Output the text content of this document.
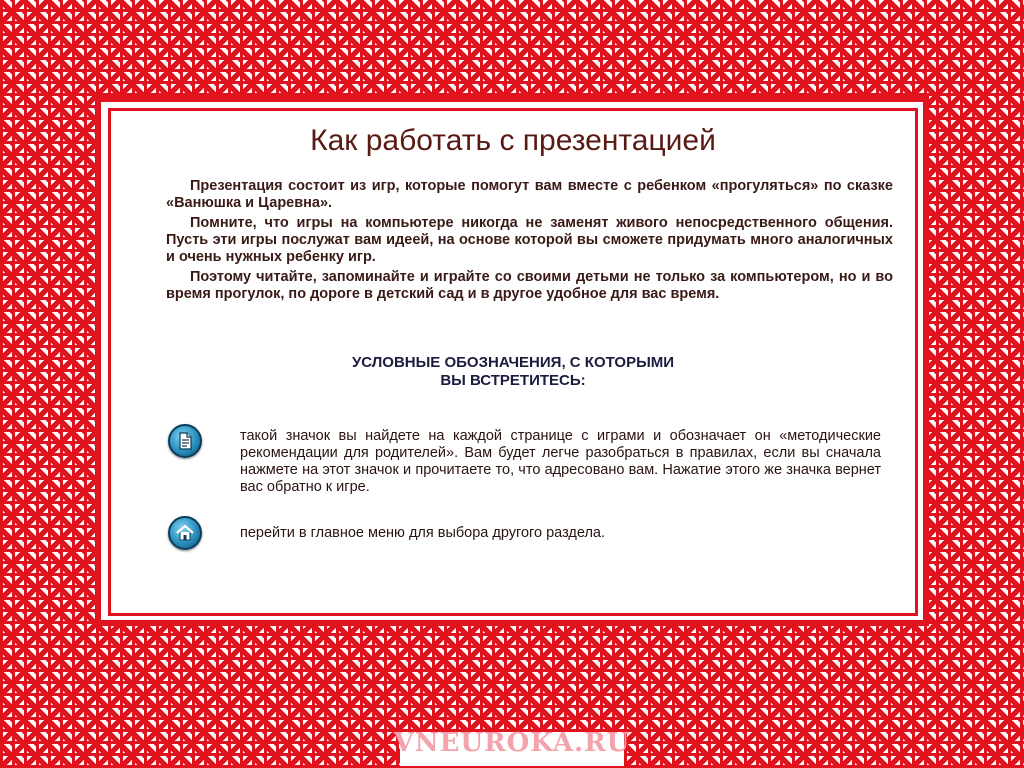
Как работать с презентацией

Презентация состоит из игр, которые помогут вам вместе с ребенком «прогуляться» по сказке «Ванюшка и Царевна».

Помните, что игры на компьютере никогда не заменят живого непосредственного общения. Пусть эти игры послужат вам идеей, на основе которой вы сможете придумать много аналогичных и очень нужных ребенку игр.

Поэтому читайте, запоминайте и играйте со своими детьми не только за компьютером, но и во время прогулок, по дороге в детский сад и в другое удобное для вас время.

УСЛОВНЫЕ ОБОЗНАЧЕНИЯ, С КОТОРЫМИ
ВЫ ВСТРЕТИТЕСЬ:

такой значок вы найдете на каждой странице с играми и обозначает он «методические рекомендации для родителей». Вам будет легче разобраться в правилах, если вы сначала нажмете на этот значок и прочитаете то, что адресовано вам. Нажатие этого же значка вернет вас обратно к игре.

перейти в главное меню для выбора другого раздела.

VNEUROKA.RU
